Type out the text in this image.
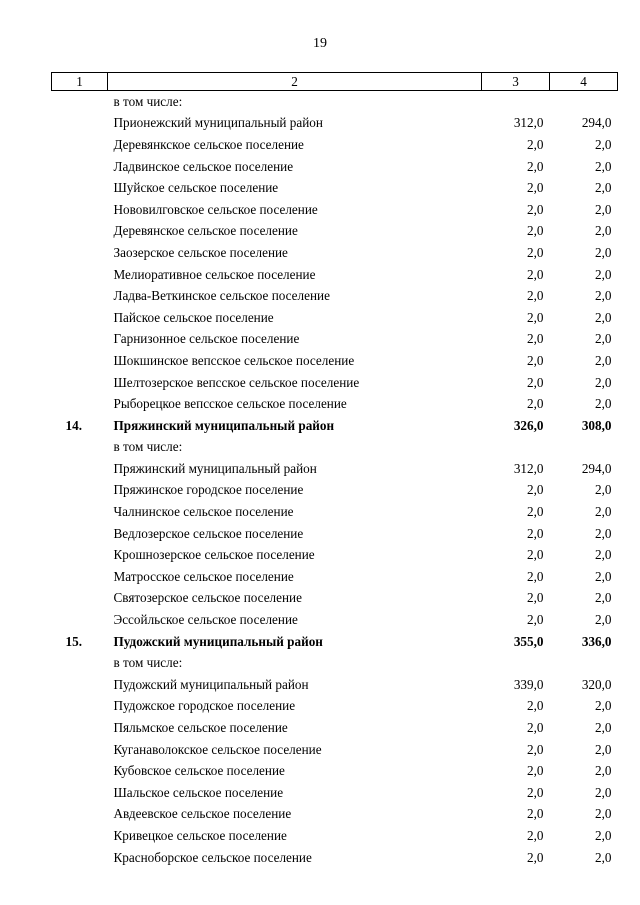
19
1	2	3	4
	в том числе:		
	Прионежский муниципальный район	312,0	294,0
	Деревянкское сельское поселение	2,0	2,0
	Ладвинское сельское поселение	2,0	2,0
	Шуйское сельское поселение	2,0	2,0
	Нововилговское сельское поселение	2,0	2,0
	Деревянское сельское поселение	2,0	2,0
	Заозерское сельское поселение	2,0	2,0
	Мелиоративное сельское поселение	2,0	2,0
	Ладва-Веткинское сельское поселение	2,0	2,0
	Пайское сельское поселение	2,0	2,0
	Гарнизонное сельское поселение	2,0	2,0
	Шокшинское вепсское сельское поселение	2,0	2,0
	Шелтозерское вепсское сельское поселение	2,0	2,0
	Рыборецкое вепсское сельское поселение	2,0	2,0
14.	Пряжинский муниципальный район	326,0	308,0
	в том числе:		
	Пряжинский муниципальный район	312,0	294,0
	Пряжинское городское поселение	2,0	2,0
	Чалнинское сельское поселение	2,0	2,0
	Ведлозерское сельское поселение	2,0	2,0
	Крошнозерское сельское поселение	2,0	2,0
	Матросское сельское поселение	2,0	2,0
	Святозерское сельское поселение	2,0	2,0
	Эссойльское сельское поселение	2,0	2,0
15.	Пудожский муниципальный район	355,0	336,0
	в том числе:		
	Пудожский муниципальный район	339,0	320,0
	Пудожское городское поселение	2,0	2,0
	Пяльмское сельское поселение	2,0	2,0
	Куганаволокское сельское поселение	2,0	2,0
	Кубовское сельское поселение	2,0	2,0
	Шальское сельское поселение	2,0	2,0
	Авдеевское сельское поселение	2,0	2,0
	Кривецкое сельское поселение	2,0	2,0
	Красноборское сельское поселение	2,0	2,0
